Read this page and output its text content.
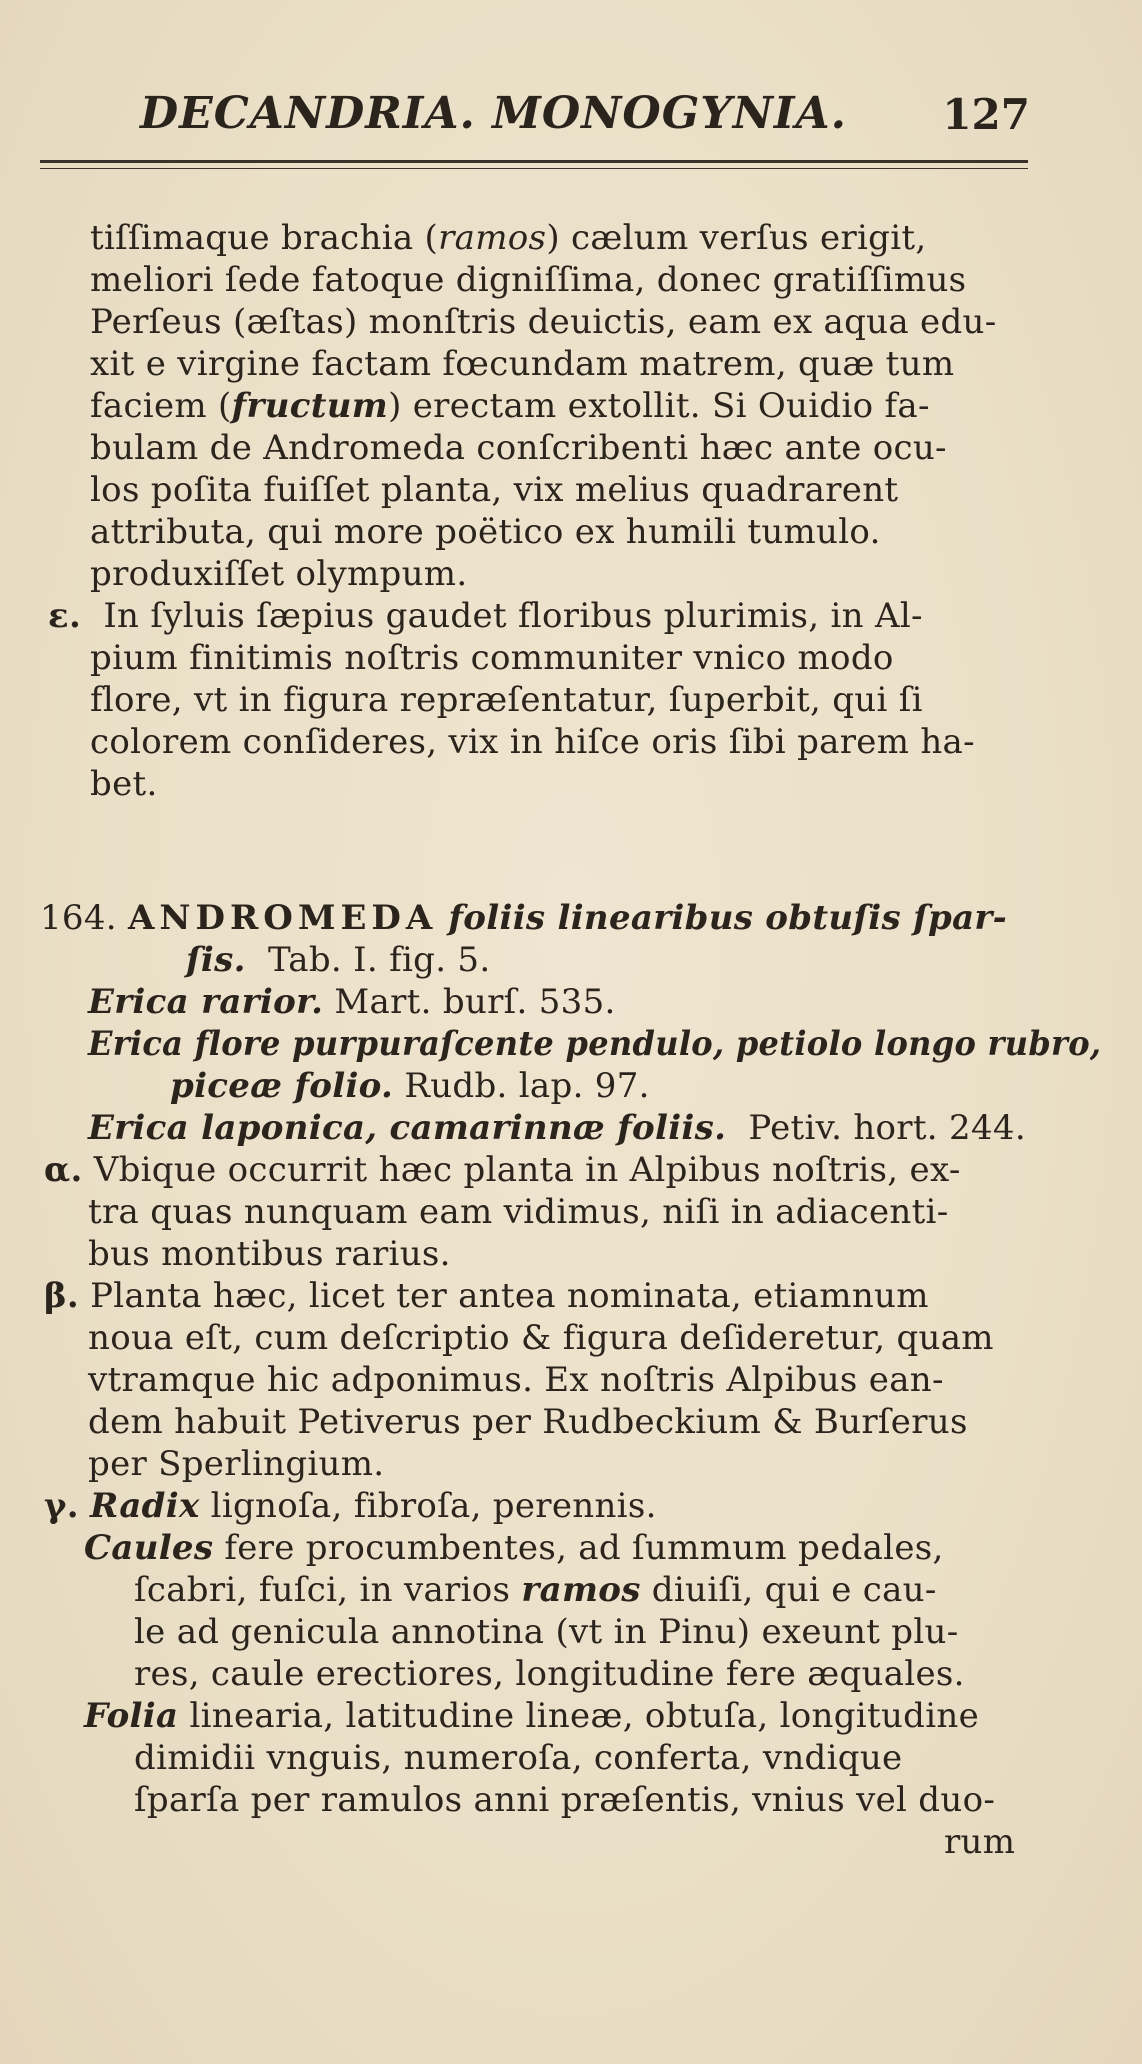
DECANDRIA. MONOGYNIA. 127
tiſſimaque brachia (ramos) cælum verſus erigit,
meliori ſede fatoque digniſſima, donec gratiſſimus
Perſeus (æſtas) monſtris deuictis, eam ex aqua edu-
xit e virgine factam fœcundam matrem, quæ tum
faciem (fructum) erectam extollit. Si Ouidio fa-
bulam de Andromeda conſcribenti hæc ante ocu-
los poſita fuiſſet planta, vix melius quadrarent
attributa, qui more poëtico ex humili tumulo.
produxiſſet olympum.
ε. In ſyluis ſæpius gaudet floribus plurimis, in Al-
pium finitimis noſtris communiter vnico modo
flore, vt in figura repræſentatur, ſuperbit, qui ſi
colorem conſideres, vix in hiſce oris ſibi parem ha-
bet.
164. ANDROMEDA foliis linearibus obtuſis ſpar-
ſis. Tab. I. fig. 5.
Erica rarior. Mart. burſ. 535.
Erica flore purpuraſcente pendulo, petiolo longo rubro,
piceæ folio. Rudb. lap. 97.
Erica laponica, camarinnæ foliis. Petiv. hort. 244.
α. Vbique occurrit hæc planta in Alpibus noſtris, ex-
tra quas nunquam eam vidimus, niſi in adiacenti-
bus montibus rarius.
β. Planta hæc, licet ter antea nominata, etiamnum
noua eſt, cum deſcriptio & figura deſideretur, quam
vtramque hic adponimus. Ex noſtris Alpibus ean-
dem habuit Petiverus per Rudbeckium & Burſerus
per Sperlingium.
γ. Radix lignoſa, fibroſa, perennis.
Caules fere procumbentes, ad ſummum pedales,
ſcabri, fuſci, in varios ramos diuiſi, qui e cau-
le ad genicula annotina (vt in Pinu) exeunt plu-
res, caule erectiores, longitudine fere æquales.
Folia linearia, latitudine lineæ, obtuſa, longitudine
dimidii vnguis, numeroſa, conferta, vndique
ſparſa per ramulos anni præſentis, vnius vel duo-
rum
